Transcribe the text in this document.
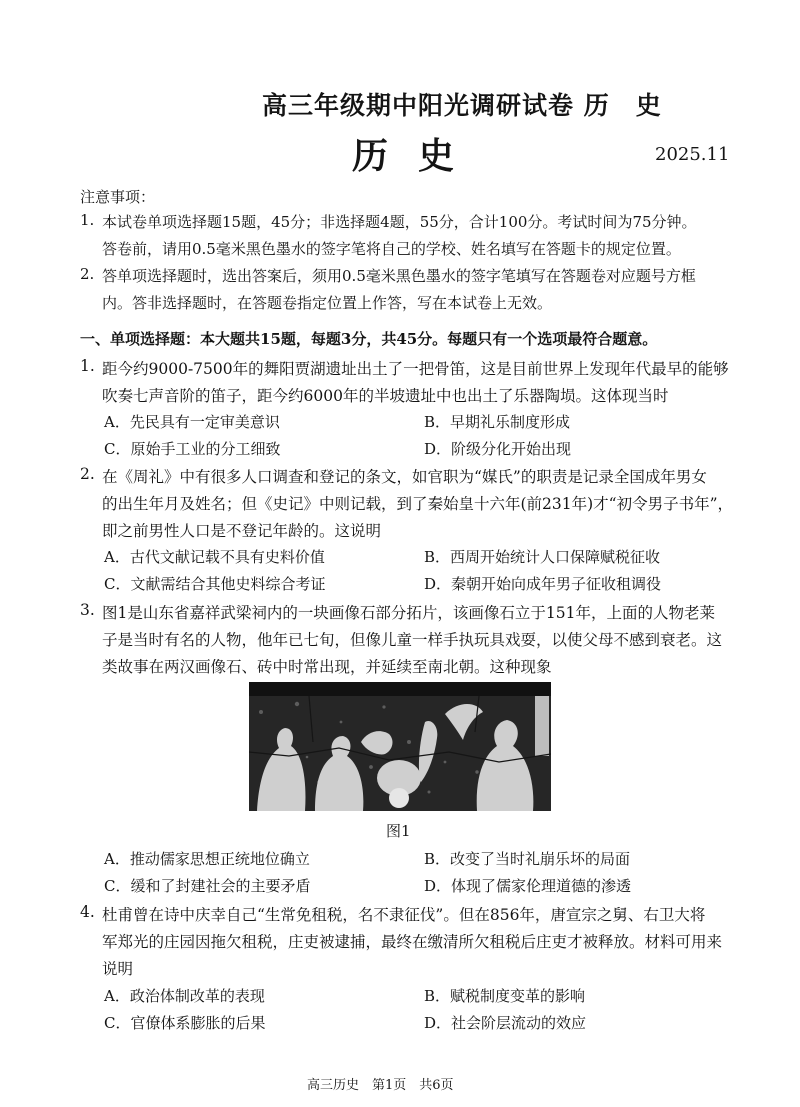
高三年级期中阳光调研试卷 历　史
历史	2025.11
注意事项：
1. 本试卷单项选择题15题，45分；非选择题4题，55分，合计100分。考试时间为75分钟。
答卷前，请用0.5毫米黑色墨水的签字笔将自己的学校、姓名填写在答题卡的规定位置。
2. 答单项选择题时，选出答案后，须用0.5毫米黑色墨水的签字笔填写在答题卷对应题号方框
内。答非选择题时，在答题卷指定位置上作答，写在本试卷上无效。
一、单项选择题：本大题共15题，每题3分，共45分。每题只有一个选项最符合题意。
1. 距今约9000-7500年的舞阳贾湖遗址出土了一把骨笛，这是目前世界上发现年代最早的能够
吹奏七声音阶的笛子，距今约6000年的半坡遗址中也出土了乐器陶埙。这体现当时
A．先民具有一定审美意识	B．早期礼乐制度形成
C．原始手工业的分工细致	D．阶级分化开始出现
2. 在《周礼》中有很多人口调查和登记的条文，如官职为“媒氏”的职责是记录全国成年男女
的出生年月及姓名；但《史记》中则记载，到了秦始皇十六年(前231年)才“初令男子书年”，
即之前男性人口是不登记年龄的。这说明
A．古代文献记载不具有史料价值	B．西周开始统计人口保障赋税征收
C．文献需结合其他史料综合考证	D．秦朝开始向成年男子征收租调役
3. 图1是山东省嘉祥武梁祠内的一块画像石部分拓片，该画像石立于151年，上面的人物老莱
子是当时有名的人物，他年已七旬，但像儿童一样手执玩具戏耍，以使父母不感到衰老。这
类故事在两汉画像石、砖中时常出现，并延续至南北朝。这种现象
图1
A．推动儒家思想正统地位确立	B．改变了当时礼崩乐坏的局面
C．缓和了封建社会的主要矛盾	D．体现了儒家伦理道德的渗透
4. 杜甫曾在诗中庆幸自己“生常免租税，名不隶征伐”。但在856年，唐宣宗之舅、右卫大将
军郑光的庄园因拖欠租税，庄吏被逮捕，最终在缴清所欠租税后庄吏才被释放。材料可用来
说明
A．政治体制改革的表现	B．赋税制度变革的影响
C．官僚体系膨胀的后果	D．社会阶层流动的效应
高三历史　第1页　共6页
